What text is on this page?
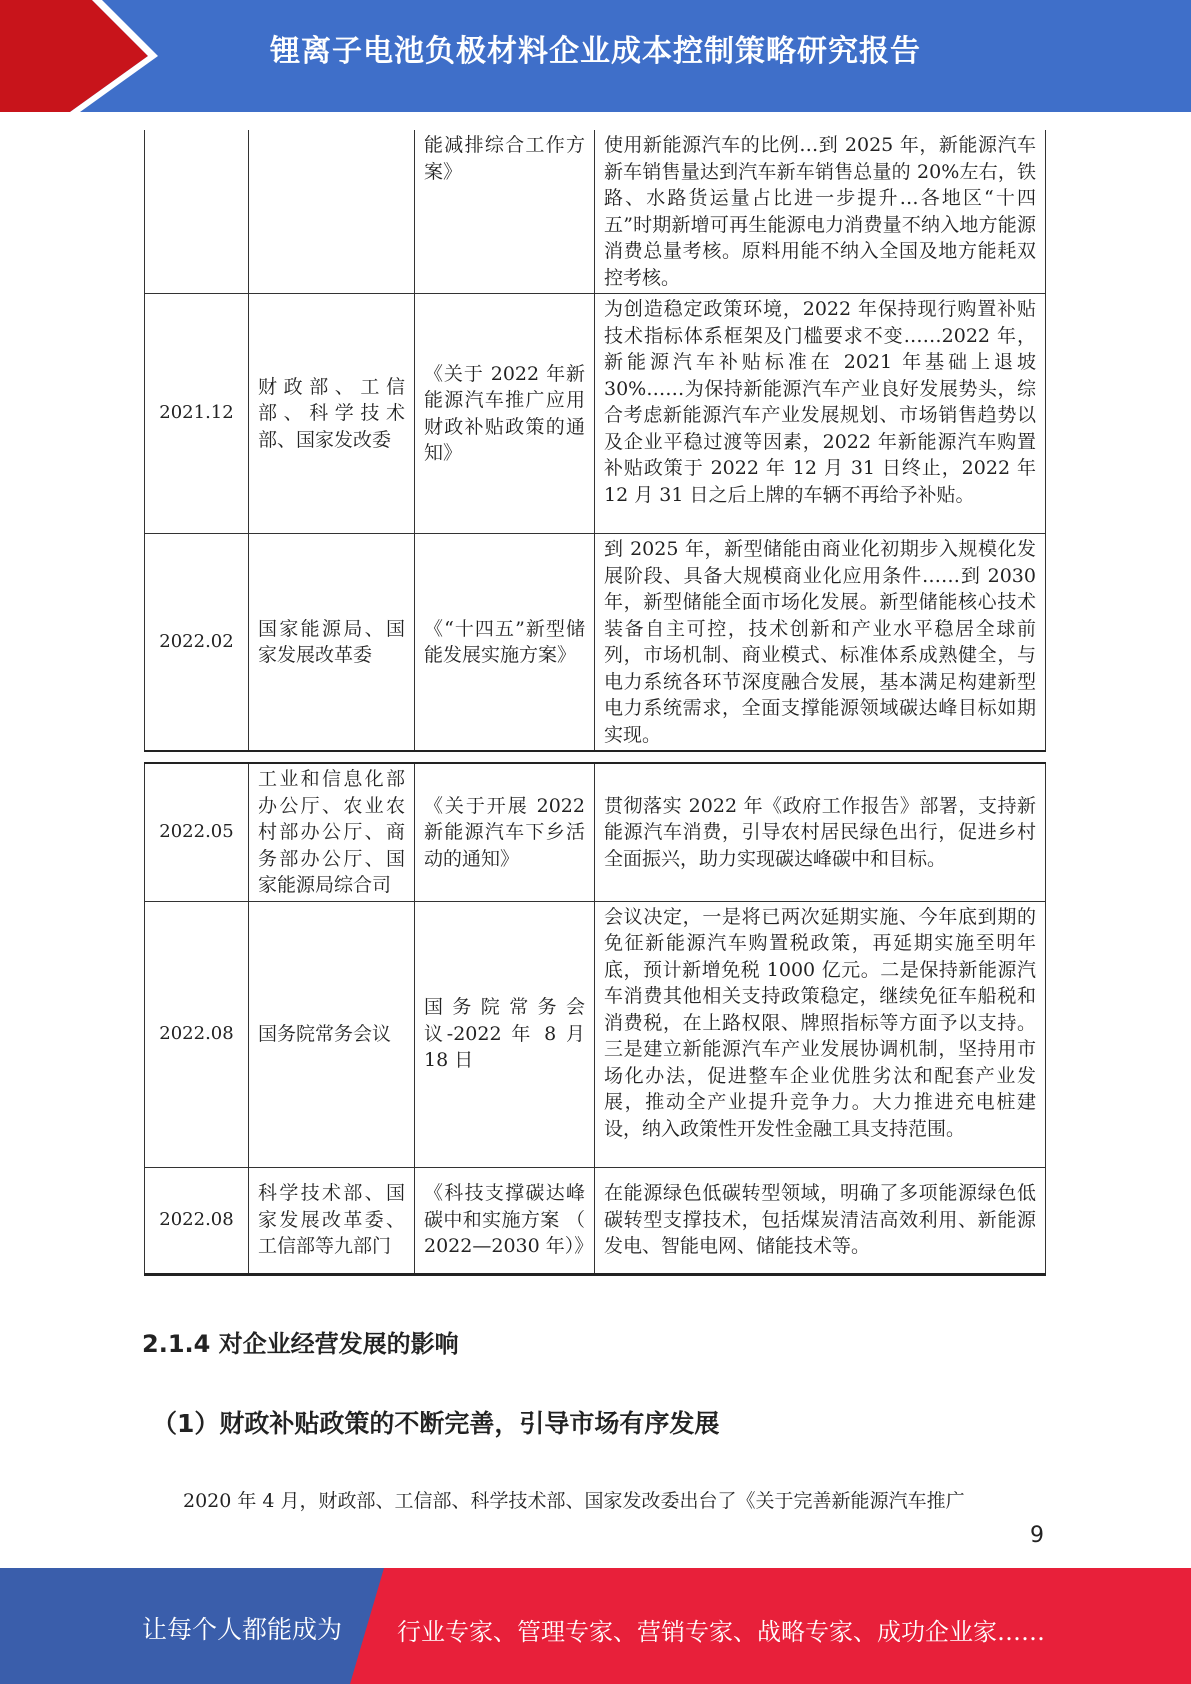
锂离子电池负极材料企业成本控制策略研究报告
		能减排综合工作方案》	使用新能源汽车的比例…到 2025 年，新能源汽车新车销售量达到汽车新车销售总量的 20%左右，铁路、水路货运量占比进一步提升…各地区“十四五”时期新增可再生能源电力消费量不纳入地方能源消费总量考核。原料用能不纳入全国及地方能耗双控考核。
2021.12	财政部、工信部、科学技术部、国家发改委	《关于 2022 年新能源汽车推广应用财政补贴政策的通知》	为创造稳定政策环境，2022 年保持现行购置补贴技术指标体系框架及门槛要求不变……2022 年，新能源汽车补贴标准在 2021 年基础上退坡 30%……为保持新能源汽车产业良好发展势头，综合考虑新能源汽车产业发展规划、市场销售趋势以及企业平稳过渡等因素，2022 年新能源汽车购置补贴政策于 2022 年 12 月 31 日终止，2022 年 12 月 31 日之后上牌的车辆不再给予补贴。
2022.02	国家能源局、国家发展改革委	《“十四五”新型储能发展实施方案》	到 2025 年，新型储能由商业化初期步入规模化发展阶段、具备大规模商业化应用条件……到 2030 年，新型储能全面市场化发展。新型储能核心技术装备自主可控，技术创新和产业水平稳居全球前列，市场机制、商业模式、标准体系成熟健全，与电力系统各环节深度融合发展，基本满足构建新型电力系统需求，全面支撑能源领域碳达峰目标如期实现。
2022.05	工业和信息化部办公厅、农业农村部办公厅、商务部办公厅、国家能源局综合司	《关于开展 2022 新能源汽车下乡活动的通知》	贯彻落实 2022 年《政府工作报告》部署，支持新能源汽车消费，引导农村居民绿色出行，促进乡村全面振兴，助力实现碳达峰碳中和目标。
2022.08	国务院常务会议	国务院常务会议-2022 年 8 月 18 日	会议决定，一是将已两次延期实施、今年底到期的免征新能源汽车购置税政策，再延期实施至明年底，预计新增免税 1000 亿元。二是保持新能源汽车消费其他相关支持政策稳定，继续免征车船税和消费税，在上路权限、牌照指标等方面予以支持。三是建立新能源汽车产业发展协调机制，坚持用市场化办法，促进整车企业优胜劣汰和配套产业发展，推动全产业提升竞争力。大力推进充电桩建设，纳入政策性开发性金融工具支持范围。
2022.08	科学技术部、国家发展改革委、工信部等九部门	《科技支撑碳达峰碳中和实施方案 （ 2022—2030 年）》	在能源绿色低碳转型领域，明确了多项能源绿色低碳转型支撑技术，包括煤炭清洁高效利用、新能源发电、智能电网、储能技术等。
2.1.4 对企业经营发展的影响
（1）财政补贴政策的不断完善，引导市场有序发展
2020 年 4 月，财政部、工信部、科学技术部、国家发改委出台了《关于完善新能源汽车推广
9
让每个人都能成为 行业专家、管理专家、营销专家、战略专家、成功企业家……
